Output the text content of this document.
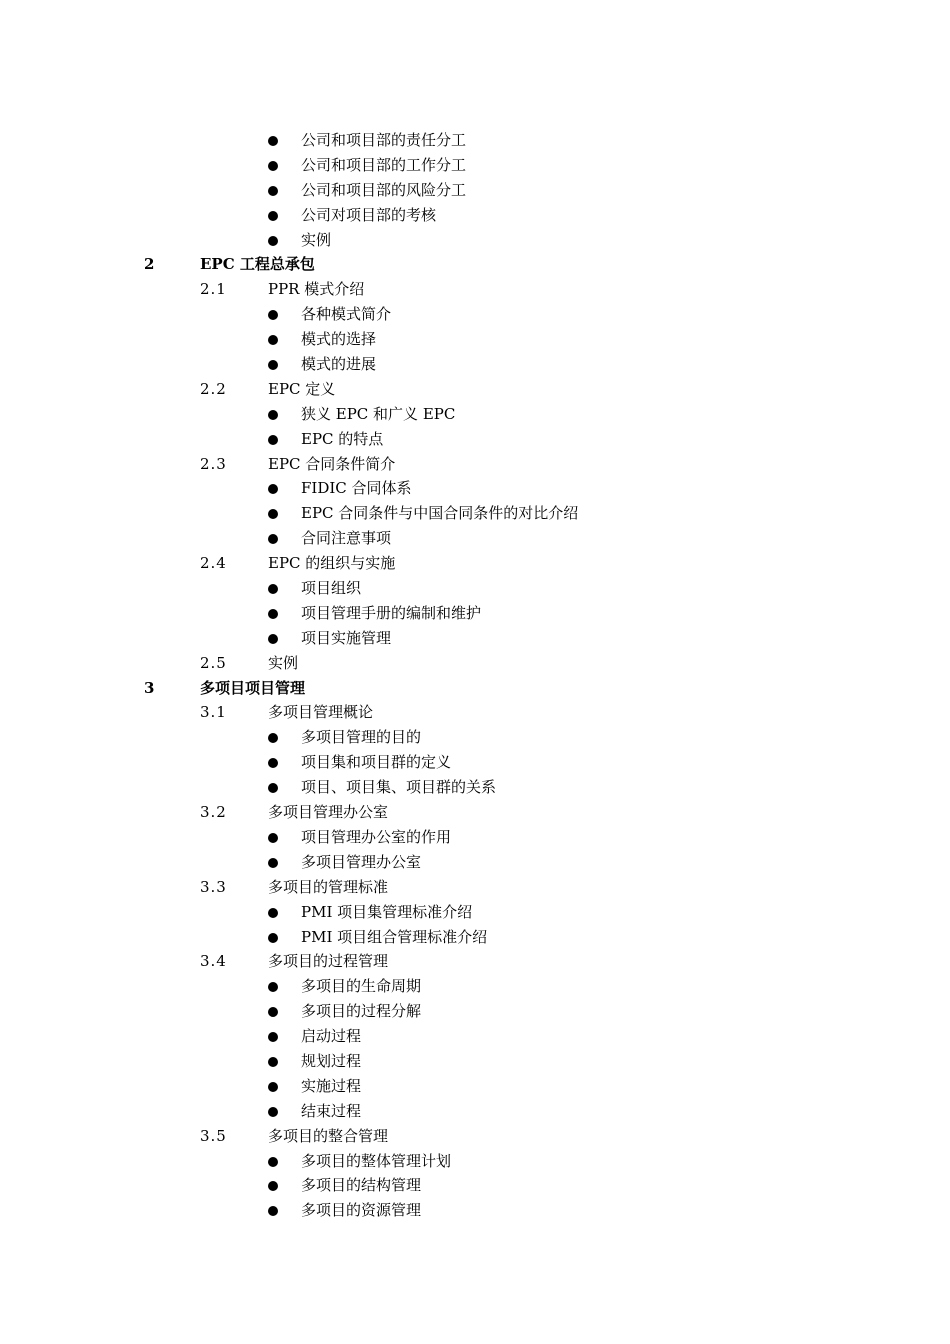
公司和项目部的责任分工
公司和项目部的工作分工
公司和项目部的风险分工
公司对项目部的考核
实例
2	EPC 工程总承包
2.1	PPR 模式介绍
各种模式简介
模式的选择
模式的进展
2.2	EPC 定义
狭义 EPC 和广义 EPC
EPC 的特点
2.3	EPC 合同条件简介
FIDIC 合同体系
EPC 合同条件与中国合同条件的对比介绍
合同注意事项
2.4	EPC 的组织与实施
项目组织
项目管理手册的编制和维护
项目实施管理
2.5	实例
3	多项目项目管理
3.1	多项目管理概论
多项目管理的目的
项目集和项目群的定义
项目、项目集、项目群的关系
3.2	多项目管理办公室
项目管理办公室的作用
多项目管理办公室
3.3	多项目的管理标准
PMI 项目集管理标准介绍
PMI 项目组合管理标准介绍
3.4	多项目的过程管理
多项目的生命周期
多项目的过程分解
启动过程
规划过程
实施过程
结束过程
3.5	多项目的整合管理
多项目的整体管理计划
多项目的结构管理
多项目的资源管理
